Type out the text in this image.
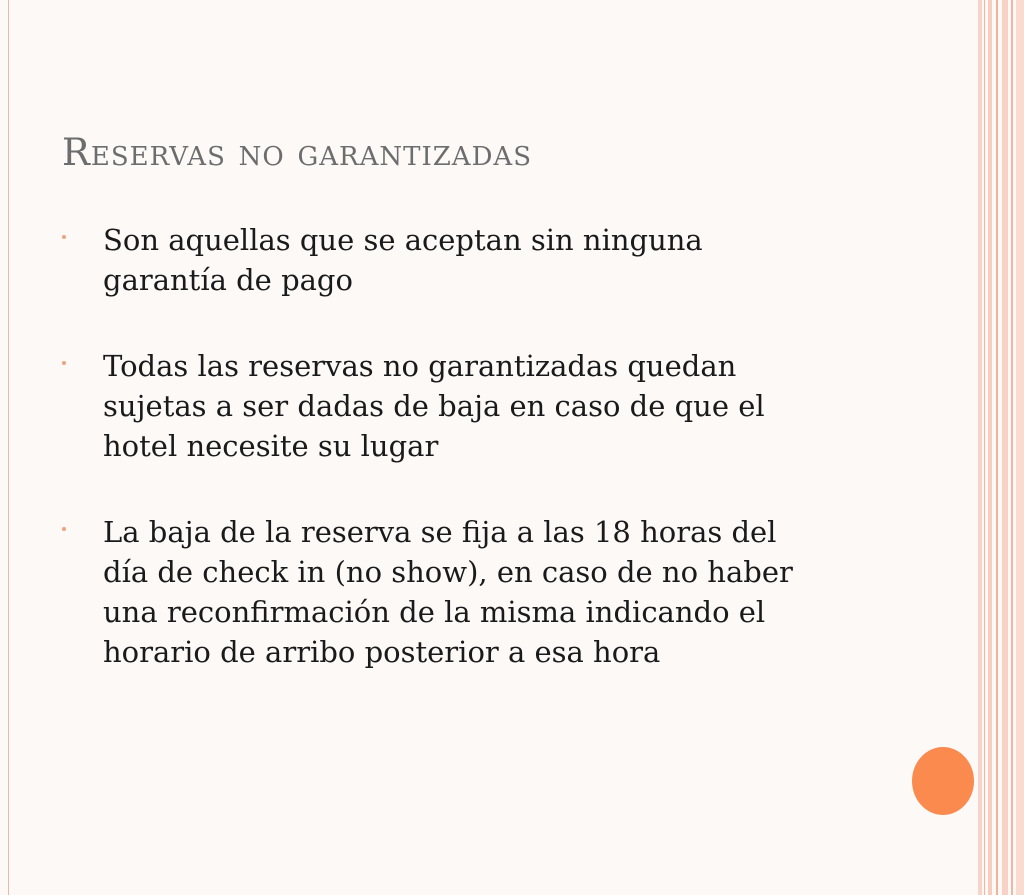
Reservas no garantizadas
Son aquellas que se aceptan sin ninguna
garantía de pago
Todas las reservas no garantizadas quedan
sujetas a ser dadas de baja en caso de que el
hotel necesite su lugar
La baja de la reserva se fija a las 18 horas del
día de check in (no show), en caso de no haber
una reconfirmación de la misma indicando el
horario de arribo posterior a esa hora
